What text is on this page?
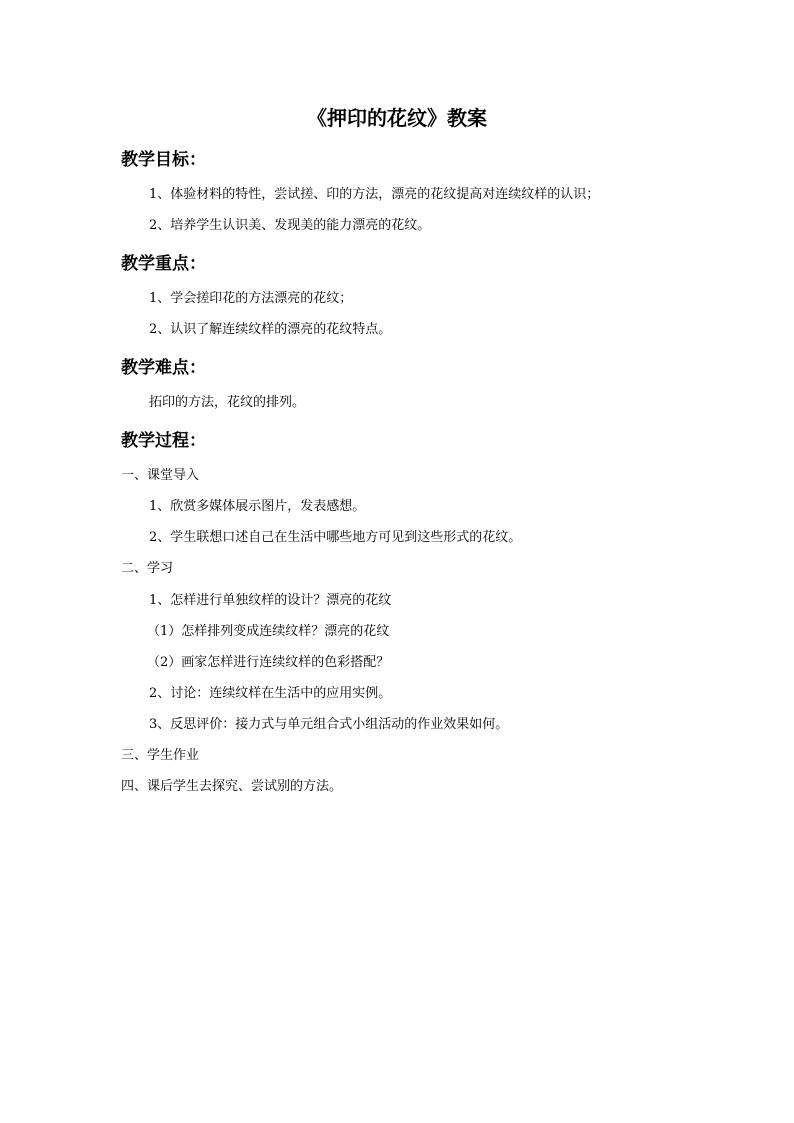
《押印的花纹》教案
教学目标：
1、体验材料的特性，尝试搓、印的方法，漂亮的花纹提高对连续纹样的认识；
2、培养学生认识美、发现美的能力漂亮的花纹。
教学重点：
1、学会搓印花的方法漂亮的花纹；
2、认识了解连续纹样的漂亮的花纹特点。
教学难点：
拓印的方法，花纹的排列。
教学过程：
一、课堂导入
1、欣赏多媒体展示图片，发表感想。
2、学生联想口述自己在生活中哪些地方可见到这些形式的花纹。
二、学习
1、怎样进行单独纹样的设计？漂亮的花纹
（1）怎样排列变成连续纹样？漂亮的花纹
（2）画家怎样进行连续纹样的色彩搭配？
2、讨论：连续纹样在生活中的应用实例。
3、反思评价：接力式与单元组合式小组活动的作业效果如何。
三、学生作业
四、课后学生去探究、尝试别的方法。
